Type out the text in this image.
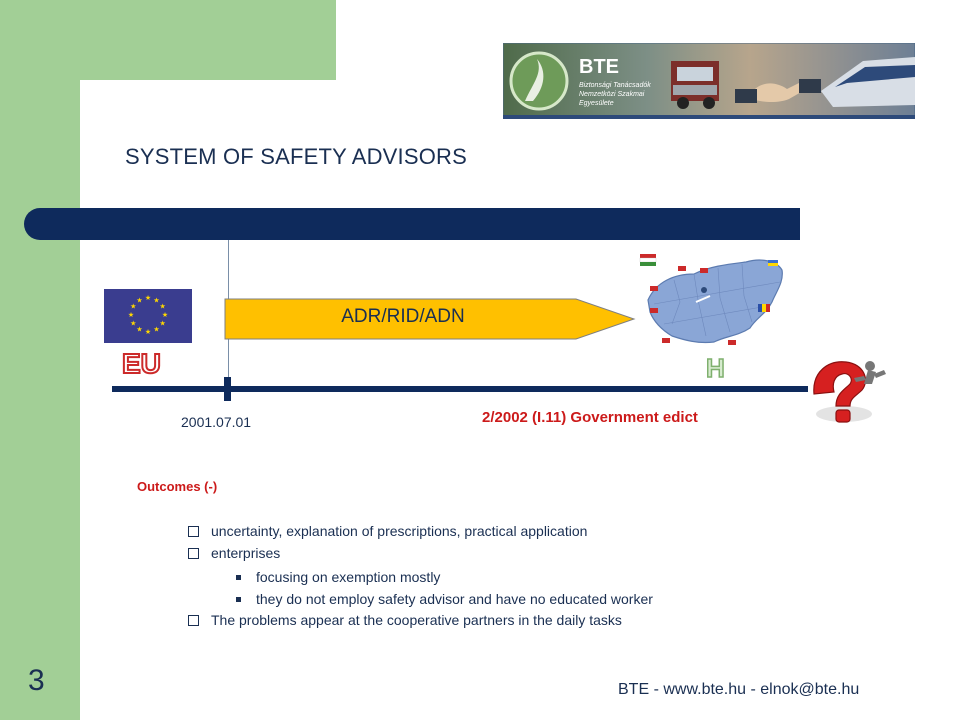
BTE
Biztonsági Tanácsadók
Nemzetközi Szakmai
Egyesülete
SYSTEM OF SAFETY ADVISORS
★ ★
★
★
★
★
★
★
★
★
★
★
EU
ADR/RID/ADN
H
2001.07.01	2/2002 (I.11) Government edict
Outcomes (-)
uncertainty, explanation of prescriptions, practical application
enterprises
focusing on exemption mostly
they do not employ safety advisor and have no educated worker
The problems appear at the cooperative partners in the daily tasks
3	BTE - www.bte.hu - elnok@bte.hu
